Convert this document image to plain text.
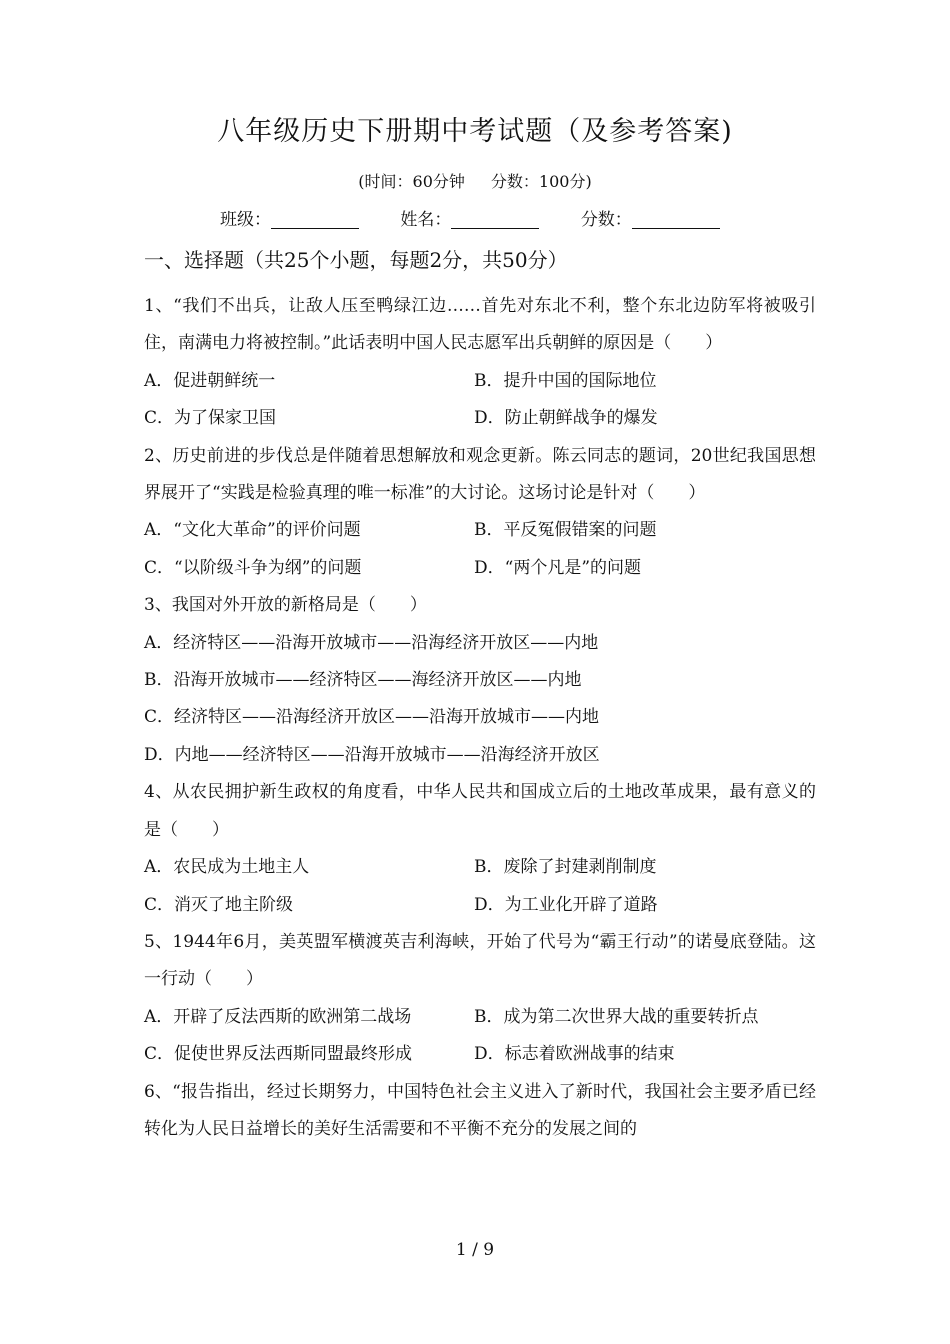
八年级历史下册期中考试题（及参考答案)
(时间：60分钟 分数：100分)
班级：	姓名：	分数：
一、选择题（共25个小题，每题2分，共50分）
1、“我们不出兵，让敌人压至鸭绿江边……首先对东北不利，整个东北边防军将被吸引住，南满电力将被控制。”此话表明中国人民志愿军出兵朝鲜的原因是（　　）
A．促进朝鲜统一	B．提升中国的国际地位
C．为了保家卫国	D．防止朝鲜战争的爆发
2、历史前进的步伐总是伴随着思想解放和观念更新。陈云同志的题词，20世纪我国思想界展开了“实践是检验真理的唯一标准”的大讨论。这场讨论是针对（　　）
A．“文化大革命”的评价问题	B．平反冤假错案的问题
C．“以阶级斗争为纲”的问题	D．“两个凡是”的问题
3、我国对外开放的新格局是（　　）
A．经济特区——沿海开放城市——沿海经济开放区——内地
B．沿海开放城市——经济特区——海经济开放区——内地
C．经济特区——沿海经济开放区——沿海开放城市——内地
D．内地——经济特区——沿海开放城市——沿海经济开放区
4、从农民拥护新生政权的角度看，中华人民共和国成立后的土地改革成果，最有意义的是（　　）
A．农民成为土地主人	B．废除了封建剥削制度
C．消灭了地主阶级	D．为工业化开辟了道路
5、1944年6月，美英盟军横渡英吉利海峡，开始了代号为“霸王行动”的诺曼底登陆。这一行动（　　）
A．开辟了反法西斯的欧洲第二战场	B．成为第二次世界大战的重要转折点
C．促使世界反法西斯同盟最终形成	D．标志着欧洲战事的结束
6、“报告指出，经过长期努力，中国特色社会主义进入了新时代，我国社会主要矛盾已经转化为人民日益增长的美好生活需要和不平衡不充分的发展之间的
1 / 9
